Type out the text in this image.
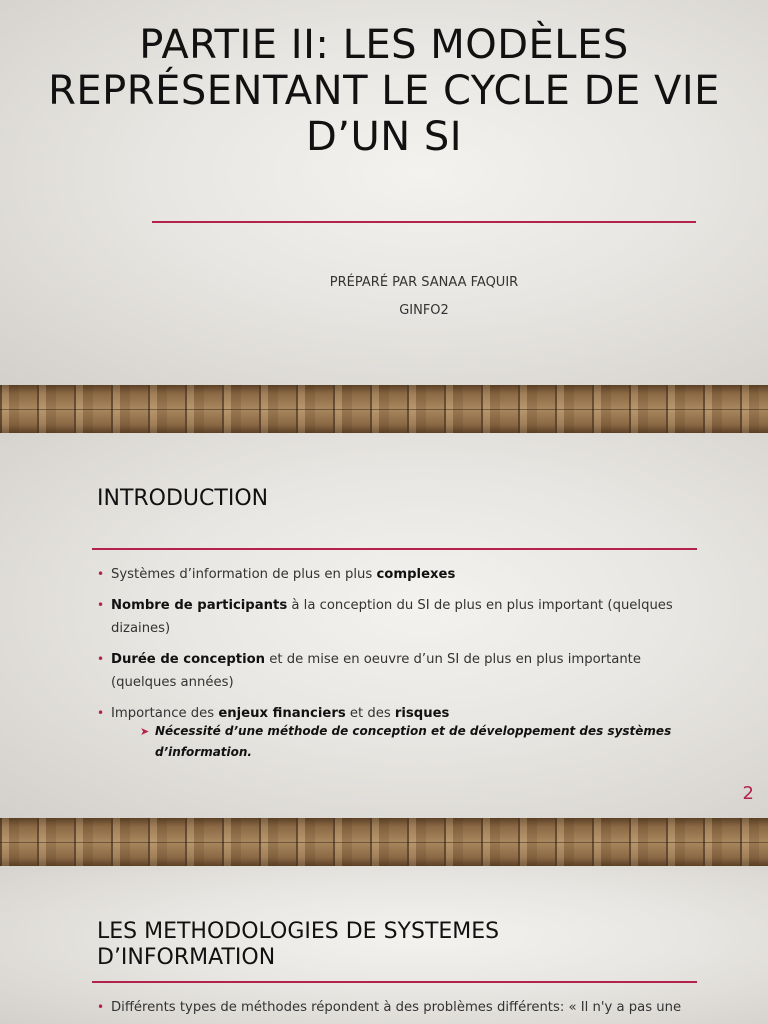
PARTIE II: LES MODÈLES REPRÉSENTANT LE CYCLE DE VIE D’UN SI

PRÉPARÉ PAR SANAA FAQUIR

GINFO2

INTRODUCTION
• Systèmes d’information de plus en plus complexes
• Nombre de participants à la conception du SI de plus en plus important (quelques dizaines)
• Durée de conception et de mise en oeuvre d’un SI de plus en plus importante (quelques années)
• Importance des enjeux financiers et des risques
➤ Nécessité d’une méthode de conception et de développement des systèmes d’information.
2
LES METHODOLOGIES DE SYSTEMES D’INFORMATION
• Différents types de méthodes répondent à des problèmes différents: « Il n'y a pas une
